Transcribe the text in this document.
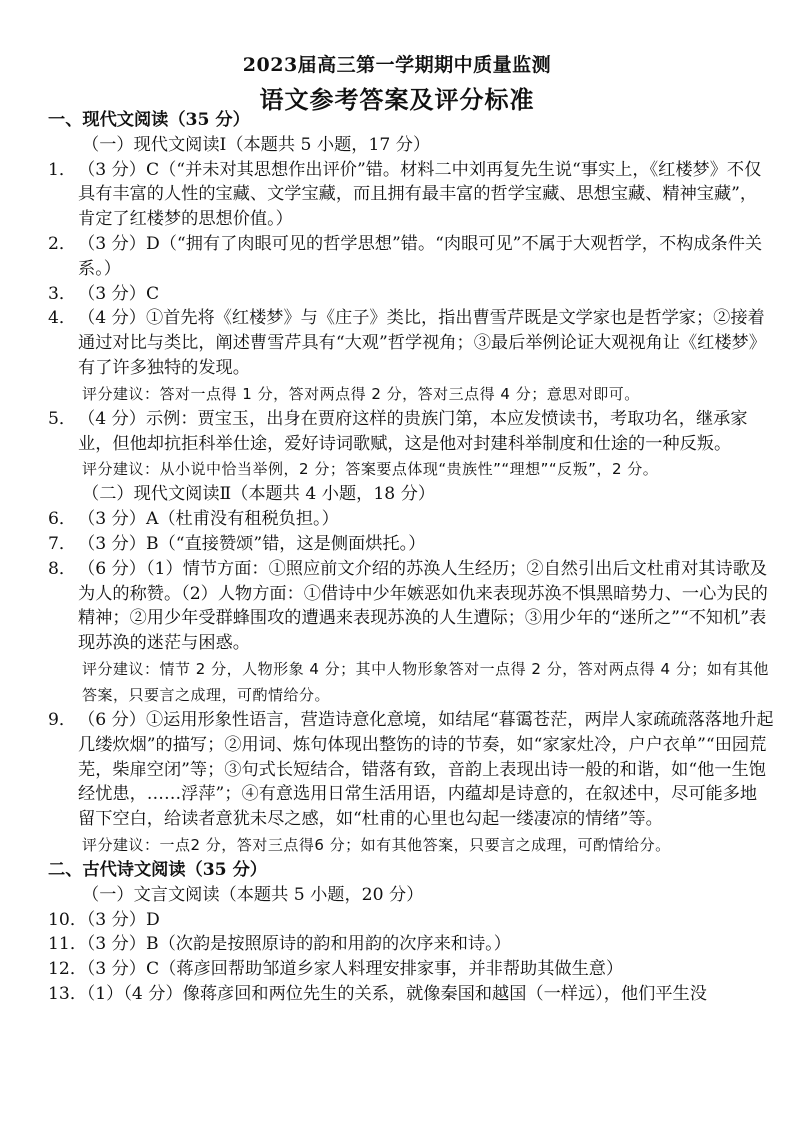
2023届高三第一学期期中质量监测
语文参考答案及评分标准

一、现代文阅读（35 分）

（一）现代文阅读Ⅰ（本题共 5 小题，17 分）

1． （3 分）C（“并未对其思想作出评价”错。材料二中刘再复先生说“事实上，《红楼梦》不仅具有丰富的人性的宝藏、文学宝藏，而且拥有最丰富的哲学宝藏、思想宝藏、精神宝藏”，肯定了红楼梦的思想价值。）
2． （3 分）D（“拥有了肉眼可见的哲学思想”错。“肉眼可见”不属于大观哲学，不构成条件关系。）
3． （3 分）C
4． （4 分）①首先将《红楼梦》与《庄子》类比，指出曹雪芹既是文学家也是哲学家；②接着通过对比与类比，阐述曹雪芹具有“大观”哲学视角；③最后举例论证大观视角让《红楼梦》有了许多独特的发现。

评分建议：答对一点得 1 分，答对两点得 2 分，答对三点得 4 分；意思对即可。

5． （4 分）示例：贾宝玉，出身在贾府这样的贵族门第，本应发愤读书，考取功名，继承家业，但他却抗拒科举仕途，爱好诗词歌赋，这是他对封建科举制度和仕途的一种反叛。

评分建议：从小说中恰当举例，2 分；答案要点体现“贵族性”“理想”“反叛”，2 分。

（二）现代文阅读Ⅱ（本题共 4 小题，18 分）

6． （3 分）A（杜甫没有租税负担。）
7． （3 分）B（“直接赞颂”错，这是侧面烘托。）
8． （6 分）（1）情节方面：①照应前文介绍的苏涣人生经历；②自然引出后文杜甫对其诗歌及为人的称赞。（2）人物方面：①借诗中少年嫉恶如仇来表现苏涣不惧黑暗势力、一心为民的精神；②用少年受群蜂围攻的遭遇来表现苏涣的人生遭际；③用少年的“迷所之”“不知机”表现苏涣的迷茫与困惑。

评分建议：情节 2 分，人物形象 4 分；其中人物形象答对一点得 2 分，答对两点得 4 分；如有其他答案，只要言之成理，可酌情给分。

9． （6 分）①运用形象性语言，营造诗意化意境，如结尾“暮霭苍茫，两岸人家疏疏落落地升起几缕炊烟”的描写；②用词、炼句体现出整饬的诗的节奏，如“家家灶冷，户户衣单”“田园荒芜，柴扉空闭”等；③句式长短结合，错落有致，音韵上表现出诗一般的和谐，如“他一生饱经忧患，……浮萍”；④有意选用日常生活用语，内蕴却是诗意的，在叙述中，尽可能多地留下空白，给读者意犹未尽之感，如“杜甫的心里也勾起一缕凄凉的情绪”等。

评分建议：一点2 分，答对三点得6 分；如有其他答案，只要言之成理，可酌情给分。

二、古代诗文阅读（35 分）

（一）文言文阅读（本题共 5 小题，20 分）

10．
（3 分）D
11．
（3 分）B（次韵是按照原诗的韵和用韵的次序来和诗。）
12．
（3 分）C（蒋彦回帮助邹道乡家人料理安排家事，并非帮助其做生意）
13．
（1）（4 分）像蒋彦回和两位先生的关系，就像秦国和越国（一样远），他们平生没
